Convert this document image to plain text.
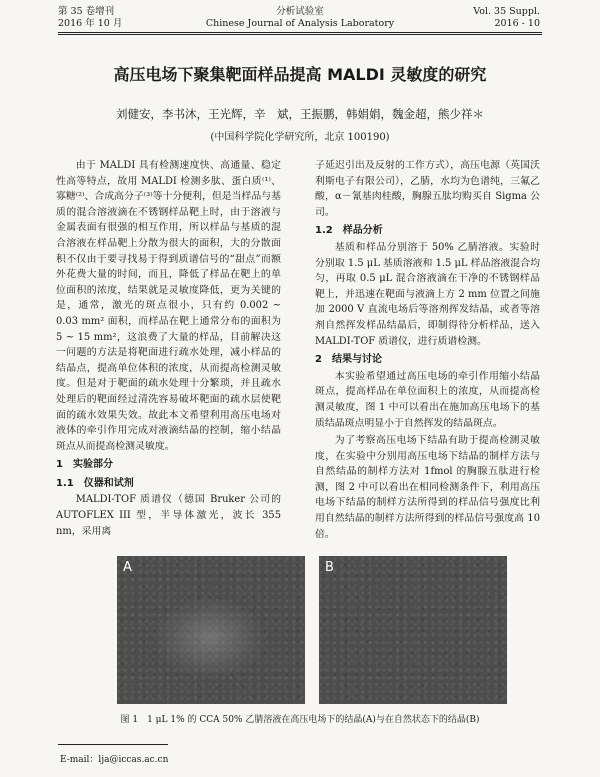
第 35 卷增刊
2016 年 10 月
分析试验室
Chinese Journal of Analysis Laboratory
Vol. 35 Suppl.
2016 - 10
高压电场下聚集靶面样品提高 MALDI 灵敏度的研究
刘健安，李书沐，王光辉，辛　斌，王振鹏，韩娟娟，魏金超，熊少祥＊
(中国科学院化学研究所，北京 100190)

由于 MALDI 具有检测速度快、高通量、稳定性高等特点，故用 MALDI 检测多肽、蛋白质⁽¹⁾、寡糖⁽²⁾、合成高分子⁽³⁾等十分便利，但是当样品与基质的混合溶液滴在不锈钢样品靶上时，由于溶液与金属表面有很强的相互作用，所以样品与基质的混合溶液在样品靶上分散为很大的面积，大的分散面积不仅由于要寻找易于得到质谱信号的“甜点”而额外花费大量的时间，而且，降低了样品在靶上的单位面积的浓度，结果就是灵敏度降低，更为关键的是，通常，激光的斑点很小，只有约 0.002 ~ 0.03 mm² 面积，而样品在靶上通常分布的面积为 5 ~ 15 mm²，这浪费了大量的样品，目前解决这一问题的方法是将靶面进行疏水处理，减小样品的结晶点，提高单位体积的浓度，从而提高检测灵敏度。但是对于靶面的疏水处理十分繁琐，并且疏水处理后的靶面经过清洗容易破坏靶面的疏水层使靶面的疏水效果失效。故此本文希望利用高压电场对液体的牵引作用完成对液滴结晶的控制，缩小结晶斑点从而提高检测灵敏度。

1　实验部分
1.1　仪器和试剂

MALDI-TOF 质谱仪（德国 Bruker 公司的 AUTOFLEX III 型，半导体激光，波长 355 nm，采用离

子延迟引出及反射的工作方式），高压电源（英国沃利斯电子有限公司），乙腈，水均为色谱纯，三氟乙酸，α－氰基肉桂酸，胸腺五肽均购买自 Sigma 公司。

1.2　样品分析

基质和样品分别溶于 50% 乙腈溶液。实验时分别取 1.5 μL 基质溶液和 1.5 μL 样品溶液混合均匀，再取 0.5 μL 混合溶液滴在干净的不锈钢样品靶上，并迅速在靶面与液滴上方 2 mm 位置之间施加 2000 V 直流电场后等溶剂挥发结晶，或者等溶剂自然挥发样品结晶后，即制得待分析样品，送入 MALDI-TOF 质谱仪，进行质谱检测。

2　结果与讨论

本实验希望通过高压电场的牵引作用缩小结晶斑点，提高样品在单位面积上的浓度，从而提高检测灵敏度，图 1 中可以看出在施加高压电场下的基质结晶斑点明显小于自然挥发的结晶斑点。

为了考察高压电场下结晶有助于提高检测灵敏度，在实验中分别用高压电场下结晶的制样方法与自然结晶的制样方法对 1fmol 的胸腺五肽进行检测，图 2 中可以看出在相同检测条件下，利用高压电场下结晶的制样方法所得到的样品信号强度比利用自然结晶的制样方法所得到的样品信号强度高 10 倍。

A	B
图 1　1 μL 1% 的 CCA 50% 乙腈溶液在高压电场下的结晶(A)与在自然状态下的结晶(B)
E-mail：lja@iccas.ac.cn
